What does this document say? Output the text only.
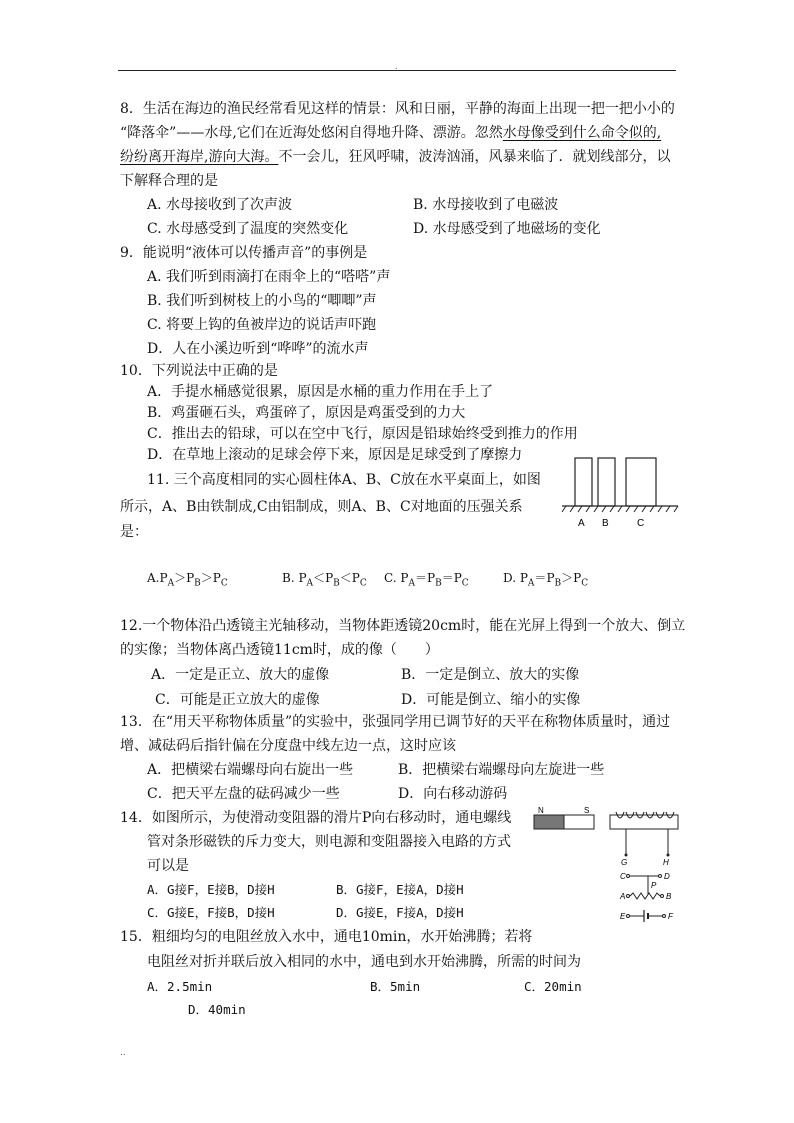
.
8．生活在海边的渔民经常看见这样的情景：风和日丽，平静的海面上出现一把一把小小的
“降落伞”——水母,它们在近海处悠闲自得地升降、漂游。忽然水母像受到什么命令似的,
纷纷离开海岸,游向大海。不一会儿，狂风呼啸，波涛汹涌，风暴来临了．就划线部分，以
下解释合理的是
A. 水母接收到了次声波	B. 水母接收到了电磁波
C. 水母感受到了温度的突然变化	D. 水母感受到了地磁场的变化
9．能说明“液体可以传播声音”的事例是
A. 我们听到雨滴打在雨伞上的“嗒嗒”声
B. 我们听到树枝上的小鸟的“唧唧”声
C. 将要上钩的鱼被岸边的说话声吓跑
D．人在小溪边听到“哗哗”的流水声
10．下列说法中正确的是
A．手提水桶感觉很累，原因是水桶的重力作用在手上了
B．鸡蛋砸石头，鸡蛋碎了，原因是鸡蛋受到的力大
C．推出去的铅球，可以在空中飞行，原因是铅球始终受到推力的作用
D．在草地上滚动的足球会停下来，原因是足球受到了摩擦力
11. 三个高度相同的实心圆柱体A、B、C放在水平桌面上，如图
所示，A、B由铁制成,C由铝制成，则A、B、C对地面的压强关系
是：
A B	C
$A.P_A>P_B>P_C$	B. $P_A<P_B<P_C$ C. $P_A=P_B=P_C$	D. $P_A=P_B>P_C$
12.一个物体沿凸透镜主光轴移动，当物体距透镜20cm时，能在光屏上得到一个放大、倒立
的实像；当物体离凸透镜11cm时，成的像（　　）
A．一定是正立、放大的虚像	B．一定是倒立、放大的实像
C．可能是正立放大的虚像	D．可能是倒立、缩小的实像
13．在“用天平称物体质量”的实验中，张强同学用已调节好的天平在称物体质量时，通过
增、减砝码后指针偏在分度盘中线左边一点，这时应该
A．把横梁右端螺母向右旋出一些	B．把横梁右端螺母向左旋进一些
C．把天平左盘的砝码减少一些	D．向右移动游码
14．如图所示，为使滑动变阻器的滑片P向右移动时，通电螺线
管对条形磁铁的斥力变大，则电源和变阻器接入电路的方式
可以是
A．G接F，E接B，D接H	B．G接F，E接A，D接H
C．G接E，F接B，D接H	D．G接E，F接A，D接H
N	S
G	H
C	D
P
A	B
E	F
15．粗细均匀的电阻丝放入水中，通电10min，水开始沸腾；若将
电阻丝对折并联后放入相同的水中，通电到水开始沸腾，所需的时间为
A．2.5min	B．5min	C．20min
D．40min
..
